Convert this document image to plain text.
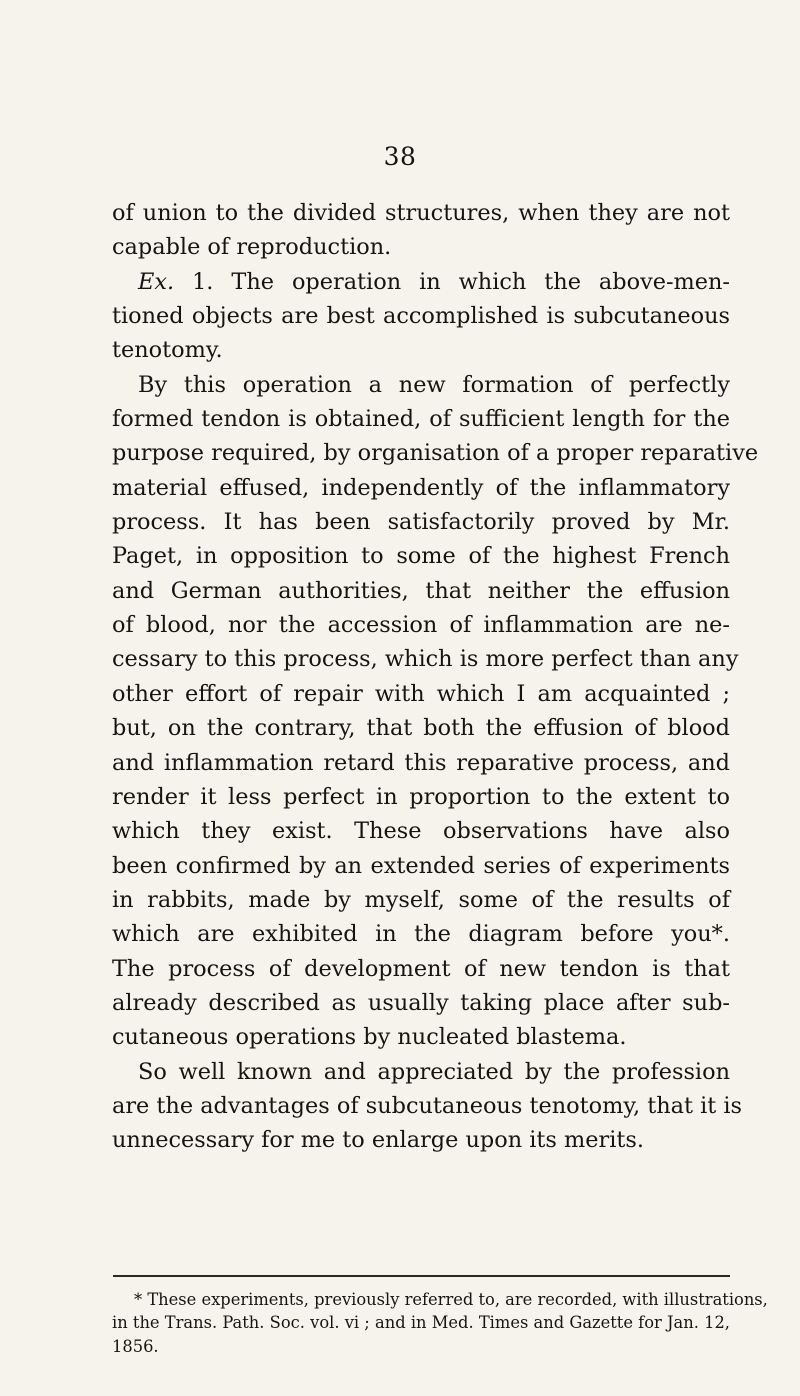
38
of union to the divided structures, when they are not
capable of reproduction.
Ex. 1. The operation in which the above-men-
tioned objects are best accomplished is subcutaneous
tenotomy.
By this operation a new formation of perfectly
formed tendon is obtained, of sufficient length for the
purpose required, by organisation of a proper reparative
material effused, independently of the inflammatory
process. It has been satisfactorily proved by Mr.
Paget, in opposition to some of the highest French
and German authorities, that neither the effusion
of blood, nor the accession of inflammation are ne-
cessary to this process, which is more perfect than any
other effort of repair with which I am acquainted ;
but, on the contrary, that both the effusion of blood
and inflammation retard this reparative process, and
render it less perfect in proportion to the extent to
which they exist. These observations have also
been confirmed by an extended series of experiments
in rabbits, made by myself, some of the results of
which are exhibited in the diagram before you*.
The process of development of new tendon is that
already described as usually taking place after sub-
cutaneous operations by nucleated blastema.
So well known and appreciated by the profession
are the advantages of subcutaneous tenotomy, that it is
unnecessary for me to enlarge upon its merits.
* These experiments, previously referred to, are recorded, with illustrations,
in the Trans. Path. Soc. vol. vi ; and in Med. Times and Gazette for Jan. 12,
1856.
